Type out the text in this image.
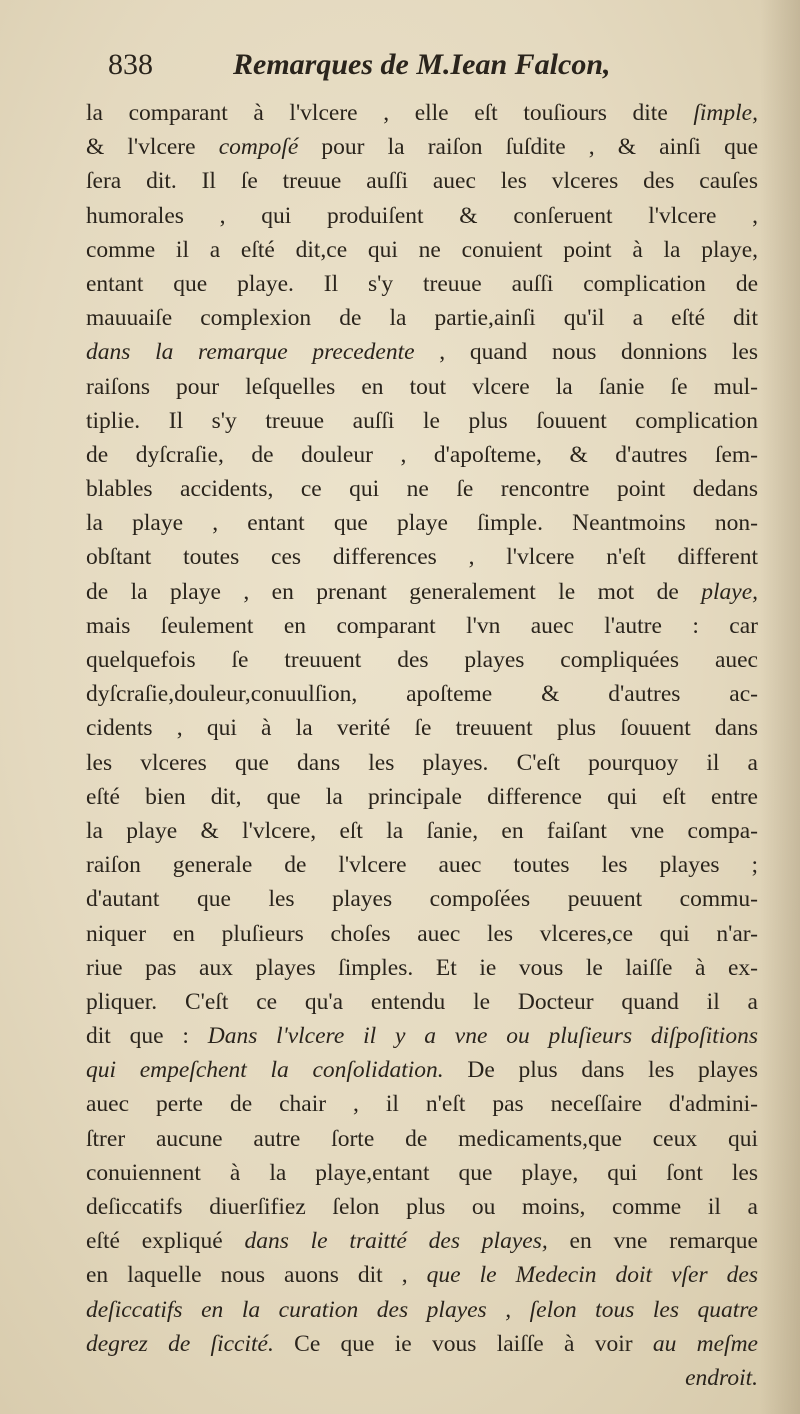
838	Remarques de M.Iean Falcon,
la comparant à l'vlcere , elle eſt touſiours dite ſimple,
& l'vlcere compoſé pour la raiſon ſuſdite , & ainſi que
ſera dit. Il ſe treuue auſſi auec les vlceres des cauſes
humorales , qui produiſent & conſeruent l'vlcere ,
comme il a eſté dit,ce qui ne conuient point à la playe,
entant que playe. Il s'y treuue auſſi complication de
mauuaiſe complexion de la partie,ainſi qu'il a eſté dit
dans la remarque precedente , quand nous donnions les
raiſons pour leſquelles en tout vlcere la ſanie ſe mul-
tiplie. Il s'y treuue auſſi le plus ſouuent complication
de dyſcraſie, de douleur , d'apoſteme, & d'autres ſem-
blables accidents, ce qui ne ſe rencontre point dedans
la playe , entant que playe ſimple. Neantmoins non-
obſtant toutes ces differences , l'vlcere n'eſt different
de la playe , en prenant generalement le mot de playe,
mais ſeulement en comparant l'vn auec l'autre : car
quelquefois ſe treuuent des playes compliquées auec
dyſcraſie,douleur,conuulſion, apoſteme & d'autres ac-
cidents , qui à la verité ſe treuuent plus ſouuent dans
les vlceres que dans les playes. C'eſt pourquoy il a
eſté bien dit, que la principale difference qui eſt entre
la playe & l'vlcere, eſt la ſanie, en faiſant vne compa-
raiſon generale de l'vlcere auec toutes les playes ;
d'autant que les playes compoſées peuuent commu-
niquer en pluſieurs choſes auec les vlceres,ce qui n'ar-
riue pas aux playes ſimples. Et ie vous le laiſſe à ex-
pliquer. C'eſt ce qu'a entendu le Docteur quand il a
dit que : Dans l'vlcere il y a vne ou pluſieurs diſpoſitions
qui empeſchent la conſolidation. De plus dans les playes
auec perte de chair , il n'eſt pas neceſſaire d'admini-
ſtrer aucune autre ſorte de medicaments,que ceux qui
conuiennent à la playe,entant que playe, qui ſont les
deſiccatifs diuerſifiez ſelon plus ou moins, comme il a
eſté expliqué dans le traitté des playes, en vne remarque
en laquelle nous auons dit , que le Medecin doit vſer des
deſiccatifs en la curation des playes , ſelon tous les quatre
degrez de ſiccité. Ce que ie vous laiſſe à voir au meſme
endroit.
